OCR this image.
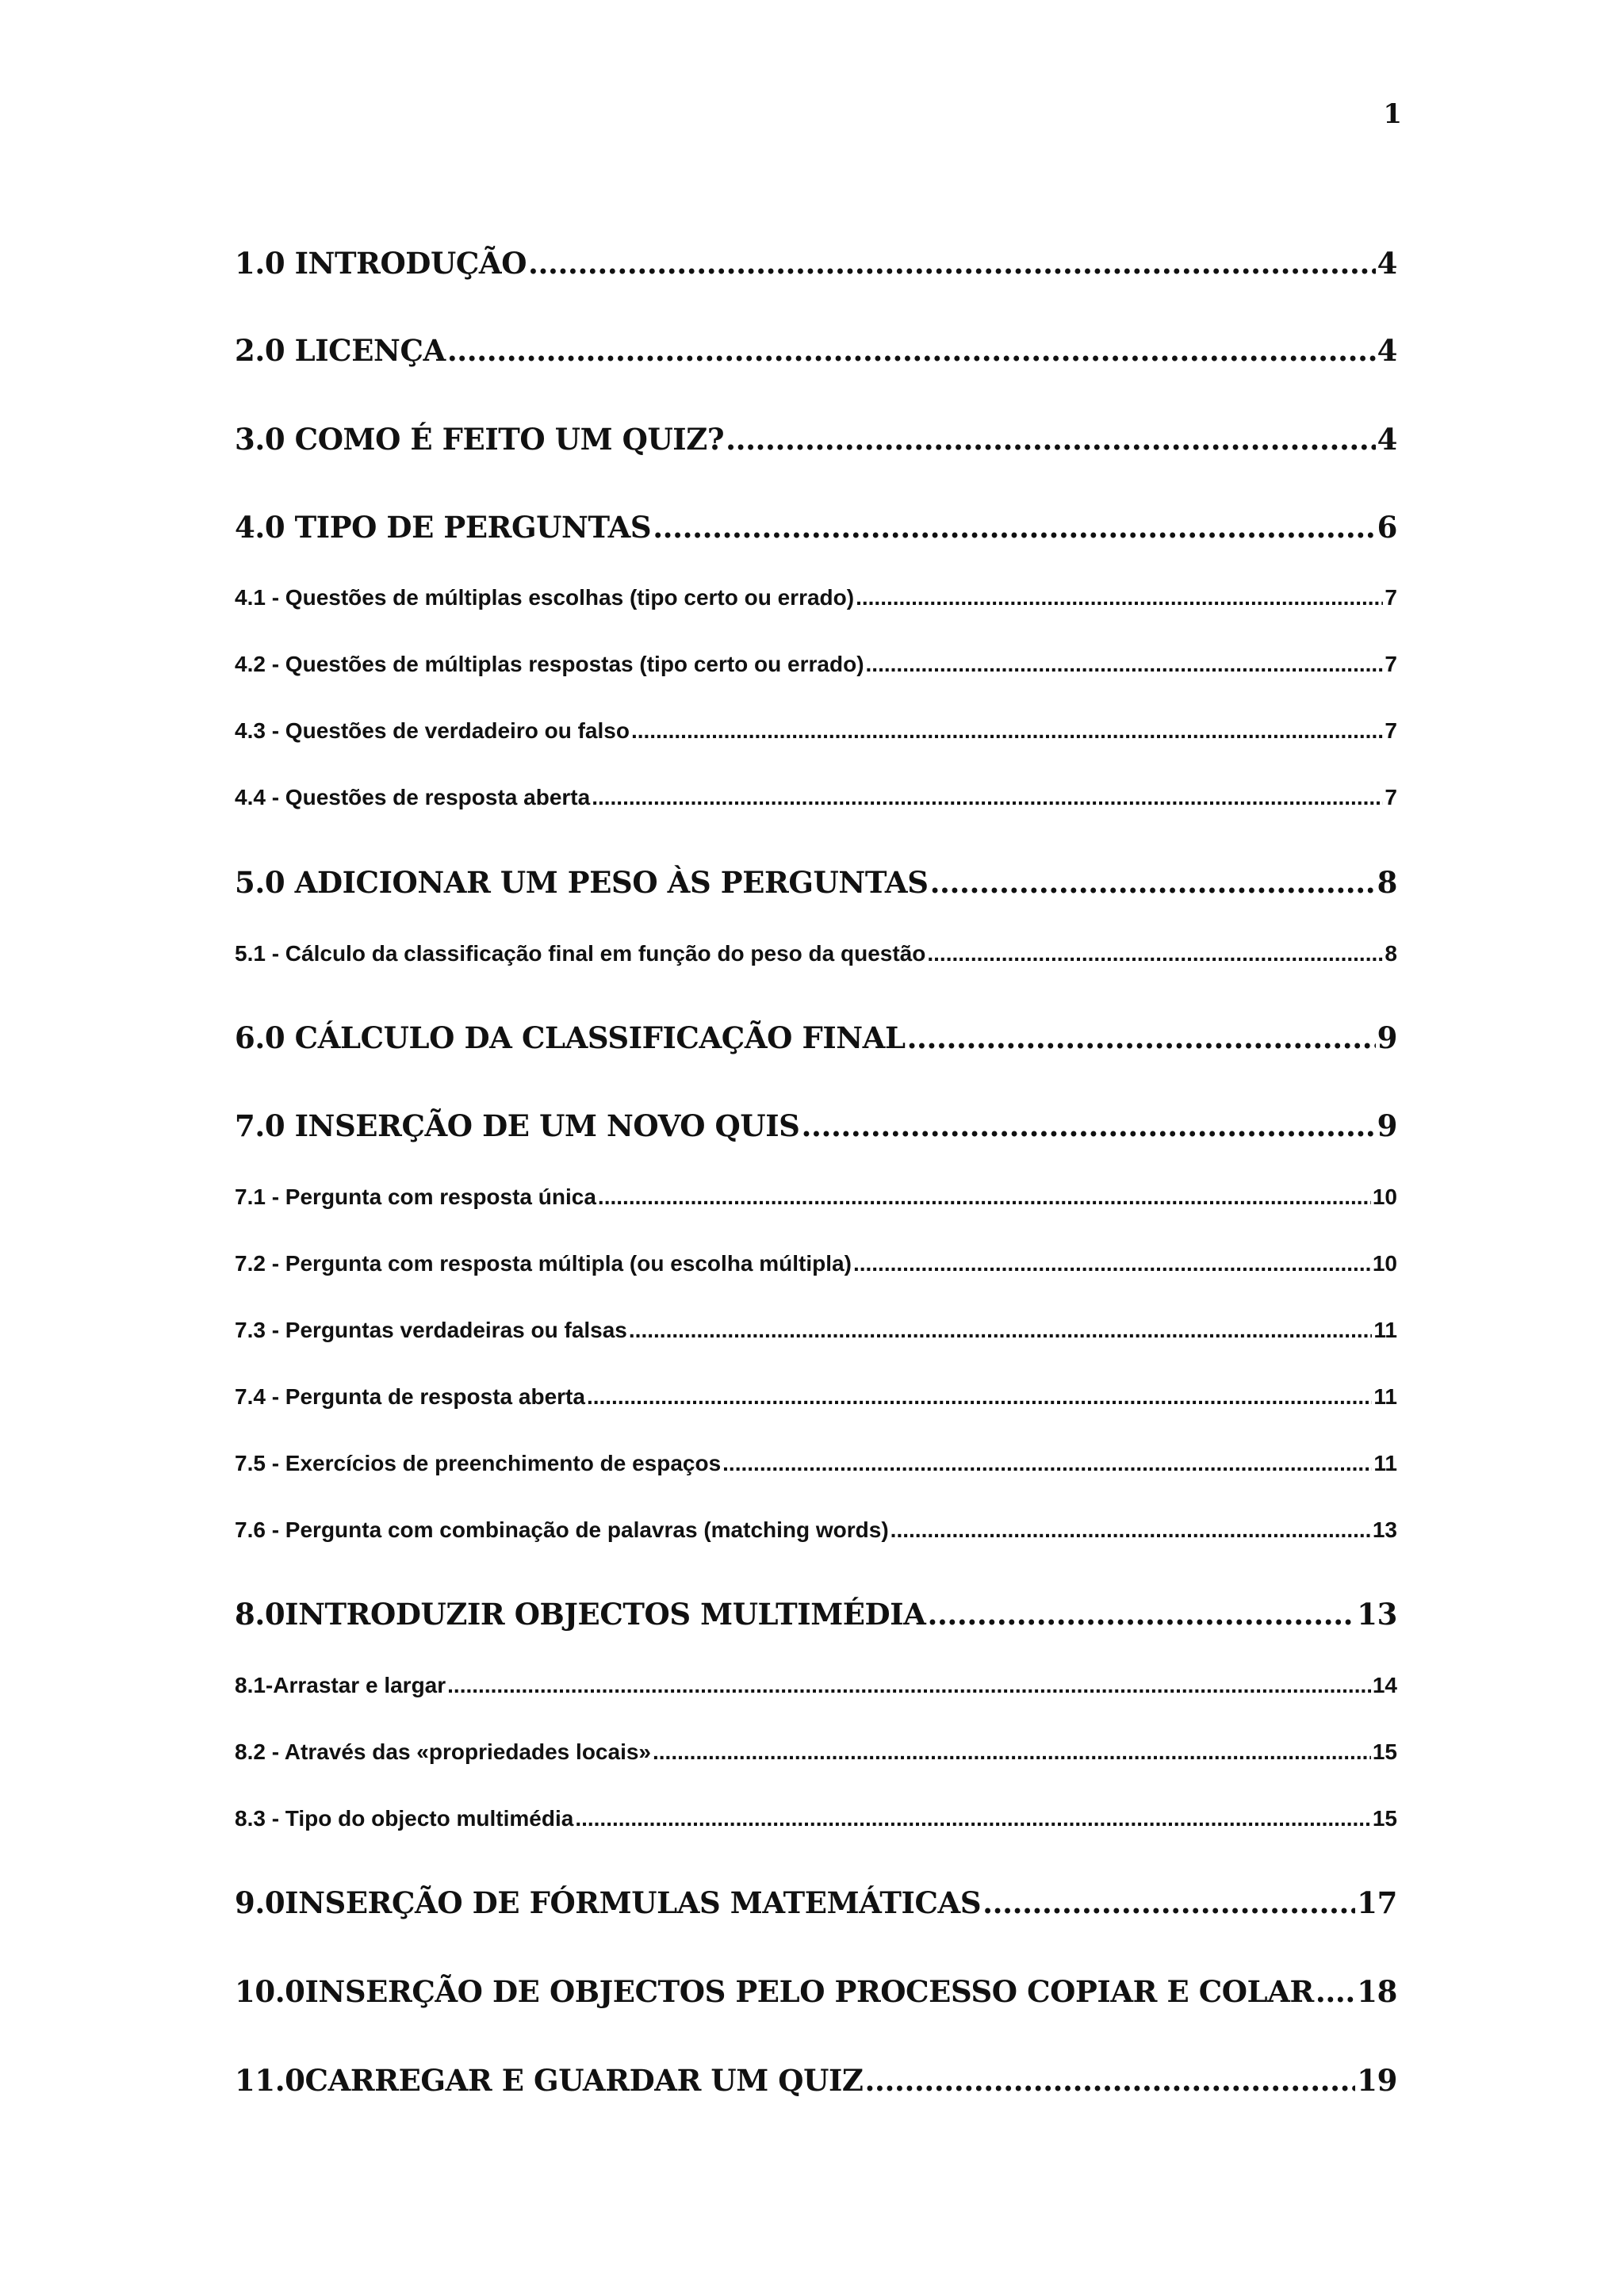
1
1.0 INTRODUÇÃO .....	4
2.0 LICENÇA .....	4
3.0 COMO É FEITO UM QUIZ? .....	4
4.0 TIPO DE PERGUNTAS .....	6
4.1 - Questões de múltiplas escolhas (tipo certo ou errado) .....	7
4.2 - Questões de múltiplas respostas (tipo certo ou errado) .....	7
4.3 - Questões de verdadeiro ou falso .....	7
4.4 - Questões de resposta aberta .....	7
5.0 ADICIONAR UM PESO ÀS PERGUNTAS .....	8
5.1 - Cálculo da classificação final em função do peso da questão .....	8
6.0 CÁLCULO DA CLASSIFICAÇÃO FINAL .....	9
7.0 INSERÇÃO DE UM NOVO QUIS .....	9
7.1 - Pergunta com resposta única .....	10
7.2 - Pergunta com resposta múltipla (ou escolha múltipla) .....	10
7.3 - Perguntas verdadeiras ou falsas .....	11
7.4 - Pergunta de resposta aberta .....	11
7.5 - Exercícios de preenchimento de espaços .....	11
7.6 - Pergunta com combinação de palavras (matching words) .....	13
8.0 INTRODUZIR OBJECTOS MULTIMÉDIA .....	13
8.1-Arrastar e largar .....	14
8.2 - Através das «propriedades locais» .....	15
8.3 - Tipo do objecto multimédia .....	15
9.0 INSERÇÃO DE FÓRMULAS MATEMÁTICAS .....	17
10.0 INSERÇÃO DE OBJECTOS PELO PROCESSO COPIAR E COLAR ..... 18
11.0 CARREGAR E GUARDAR UM QUIZ .....	19
